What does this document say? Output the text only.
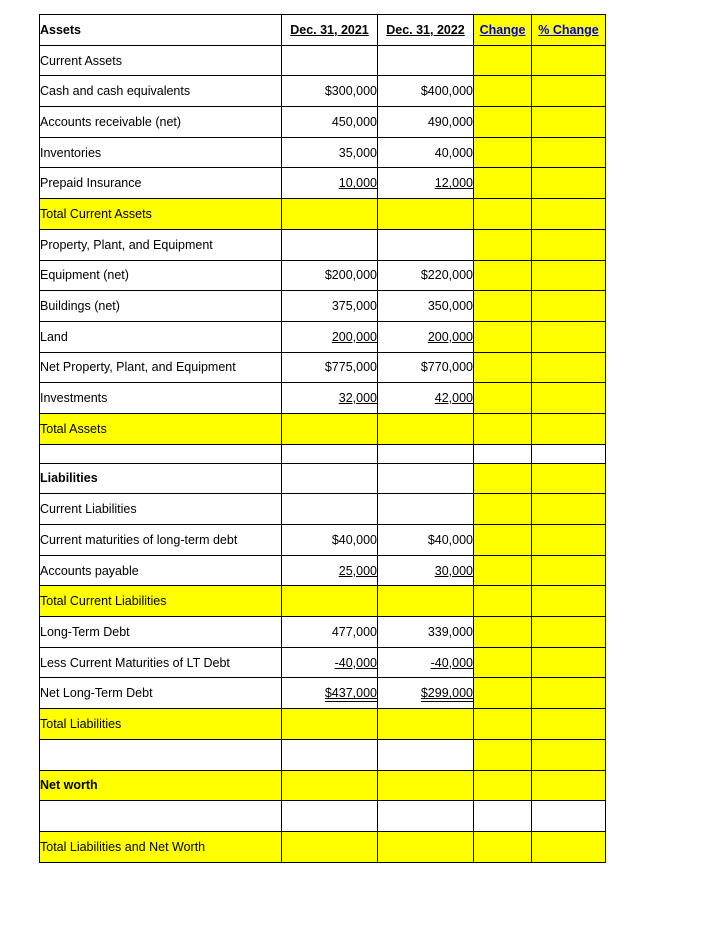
Assets	Dec. 31, 2021	Dec. 31, 2022	Change	% Change
Current Assets				
Cash and cash equivalents	$300,000	$400,000		
Accounts receivable (net)	450,000	490,000		
Inventories	35,000	40,000		
Prepaid Insurance	10,000	12,000		
Total Current Assets				
Property, Plant, and Equipment				
Equipment (net)	$200,000	$220,000		
Buildings (net)	375,000	350,000		
Land	200,000	200,000		
Net Property, Plant, and Equipment	$775,000	$770,000		
Investments	32,000	42,000		
Total Assets				

Liabilities				
Current Liabilities				
Current maturities of long-term debt	$40,000	$40,000		
Accounts payable	25,000	30,000		
Total Current Liabilities				
Long-Term Debt	477,000	339,000		
Less Current Maturities of LT Debt	-40,000	-40,000		
Net Long-Term Debt	$437,000	$299,000		
Total Liabilities				

Net worth				

Total Liabilities and Net Worth				
